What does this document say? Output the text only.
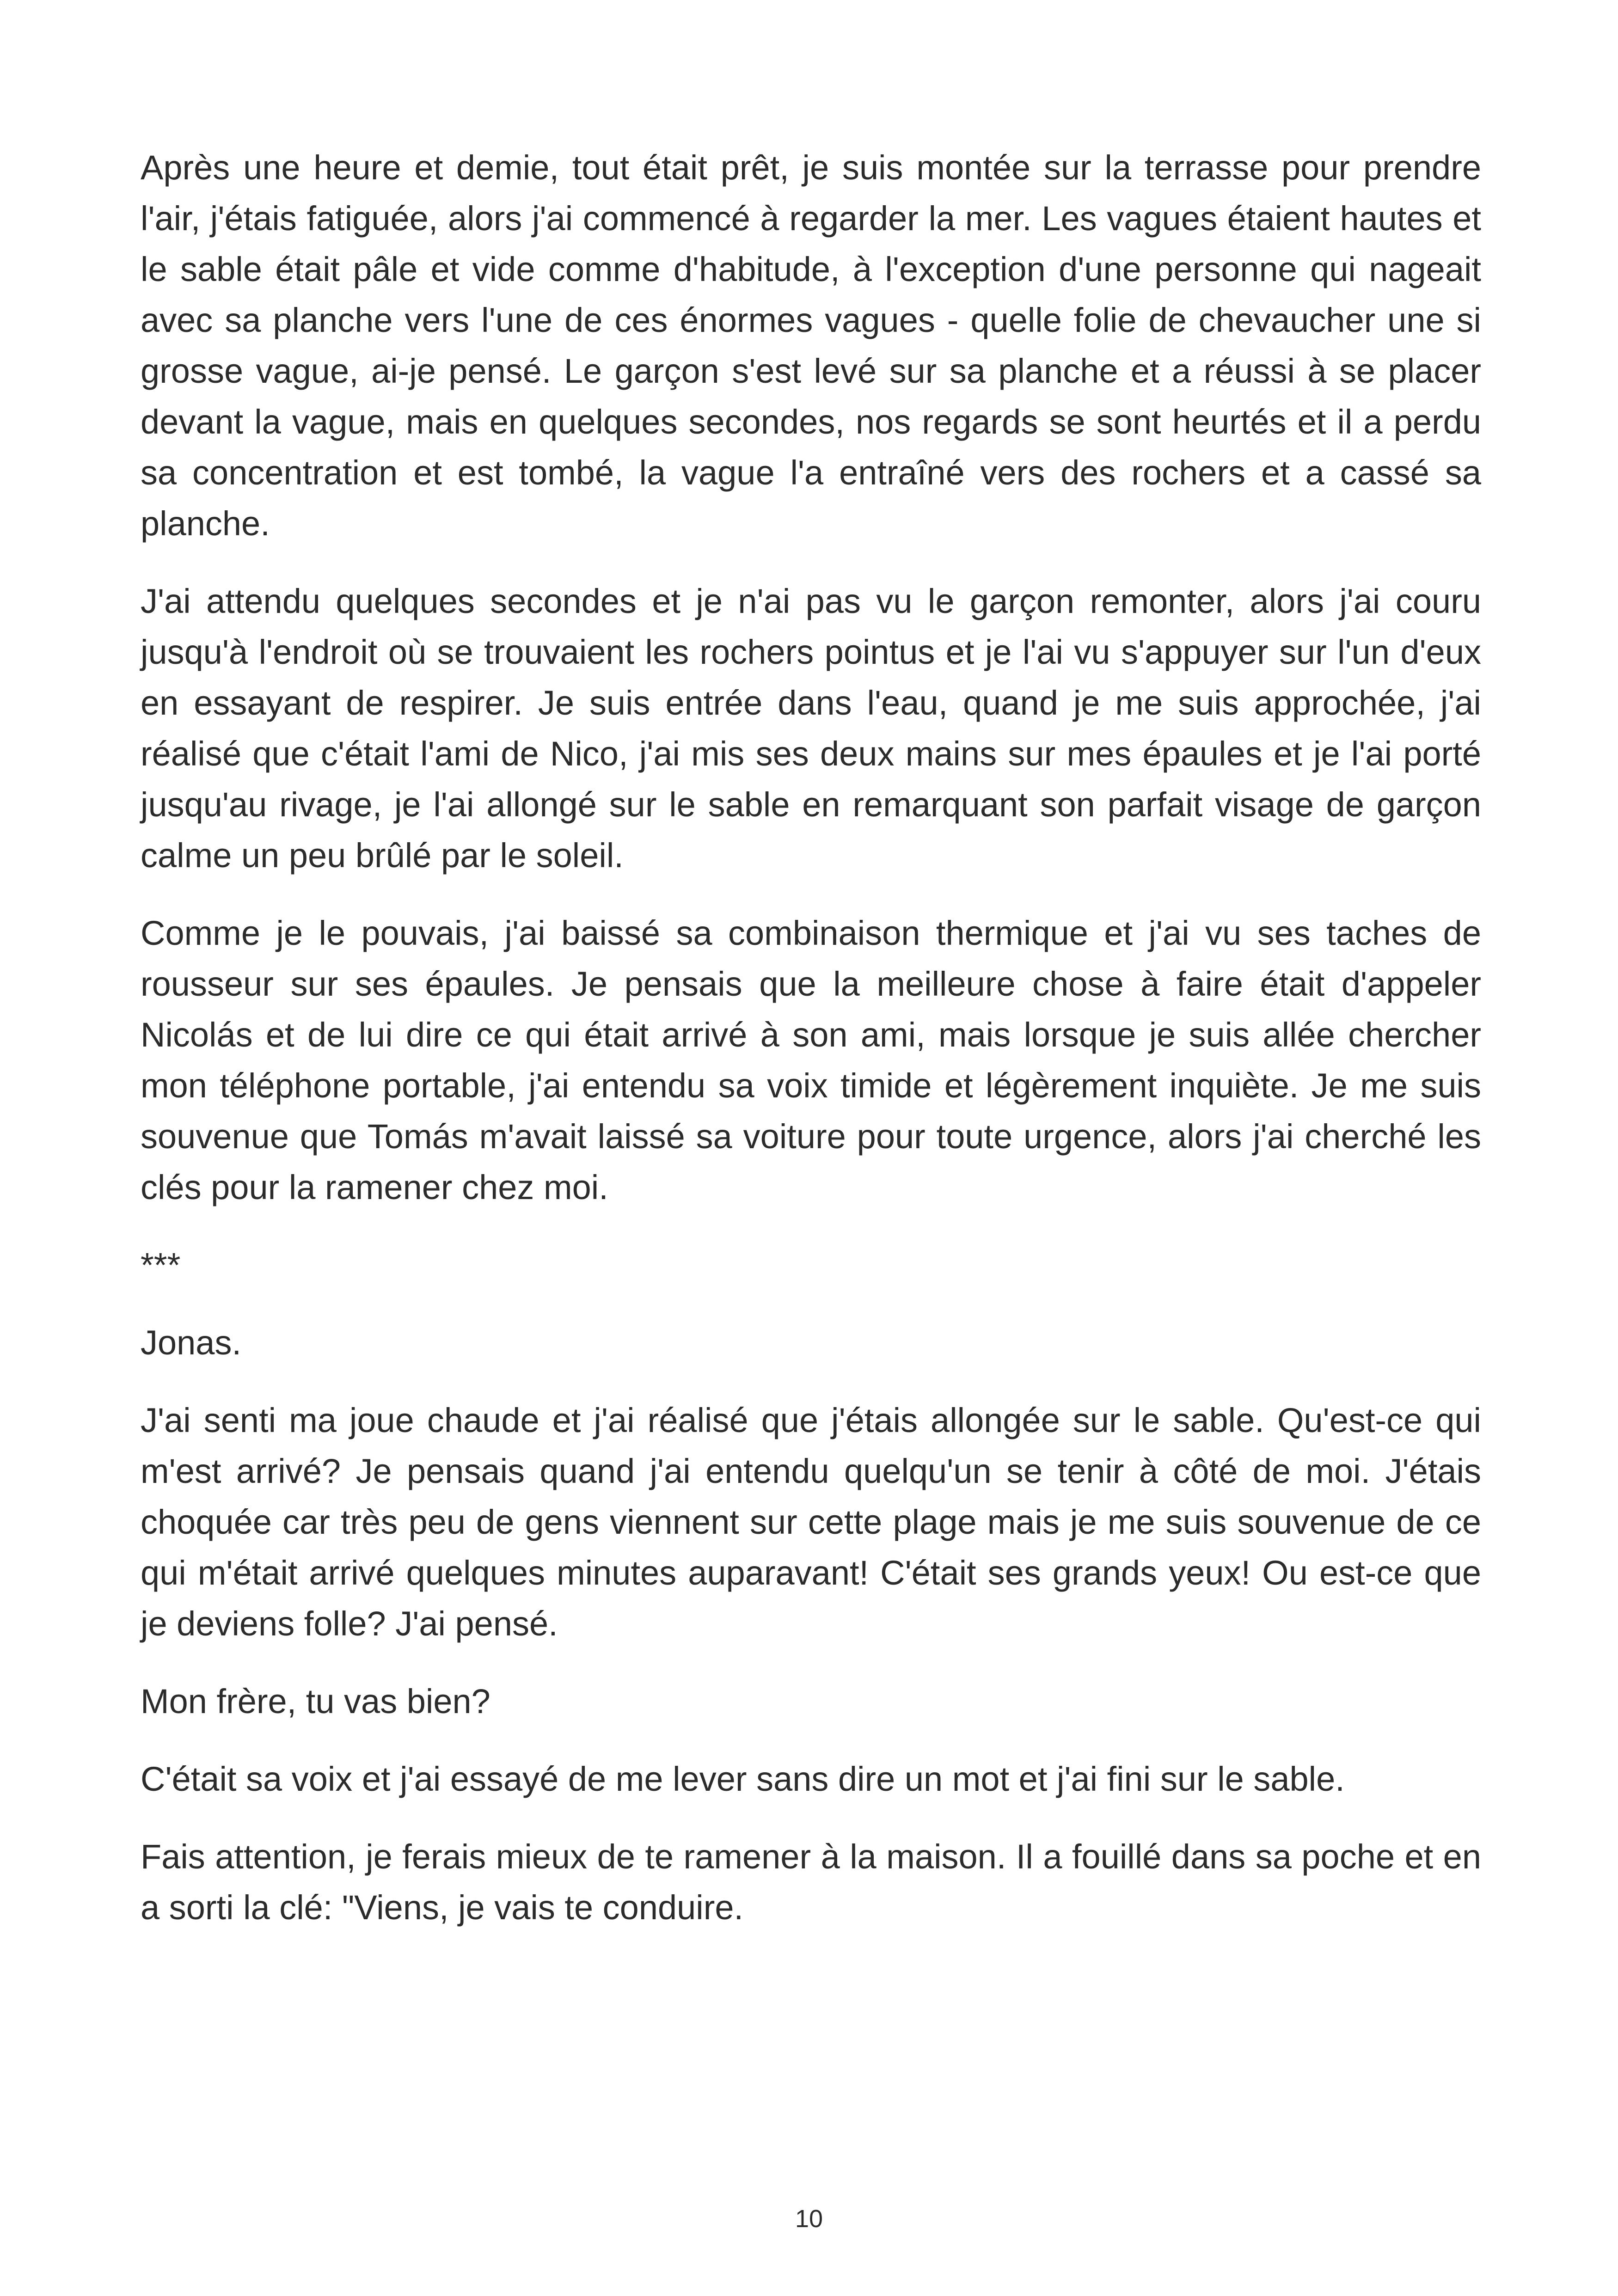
Après une heure et demie, tout était prêt, je suis montée sur la terrasse pour prendre l'air, j'étais fatiguée, alors j'ai commencé à regarder la mer. Les vagues étaient hautes et le sable était pâle et vide comme d'habitude, à l'exception d'une personne qui nageait avec sa planche vers l'une de ces énormes vagues - quelle folie de chevaucher une si grosse vague, ai-je pensé. Le garçon s'est levé sur sa planche et a réussi à se placer devant la vague, mais en quelques secondes, nos regards se sont heurtés et il a perdu sa concentration et est tombé, la vague l'a entraîné vers des rochers et a cassé sa planche.

J'ai attendu quelques secondes et je n'ai pas vu le garçon remonter, alors j'ai couru jusqu'à l'endroit où se trouvaient les rochers pointus et je l'ai vu s'appuyer sur l'un d'eux en essayant de respirer. Je suis entrée dans l'eau, quand je me suis approchée, j'ai réalisé que c'était l'ami de Nico, j'ai mis ses deux mains sur mes épaules et je l'ai porté jusqu'au rivage, je l'ai allongé sur le sable en remarquant son parfait visage de garçon calme un peu brûlé par le soleil.

Comme je le pouvais, j'ai baissé sa combinaison thermique et j'ai vu ses taches de rousseur sur ses épaules. Je pensais que la meilleure chose à faire était d'appeler Nicolás et de lui dire ce qui était arrivé à son ami, mais lorsque je suis allée chercher mon téléphone portable, j'ai entendu sa voix timide et légèrement inquiète. Je me suis souvenue que Tomás m'avait laissé sa voiture pour toute urgence, alors j'ai cherché les clés pour la ramener chez moi.

***

Jonas.

J'ai senti ma joue chaude et j'ai réalisé que j'étais allongée sur le sable. Qu'est-ce qui m'est arrivé? Je pensais quand j'ai entendu quelqu'un se tenir à côté de moi. J'étais choquée car très peu de gens viennent sur cette plage mais je me suis souvenue de ce qui m'était arrivé quelques minutes auparavant! C'était ses grands yeux! Ou est-ce que je deviens folle? J'ai pensé.

Mon frère, tu vas bien?

C'était sa voix et j'ai essayé de me lever sans dire un mot et j'ai fini sur le sable.

Fais attention, je ferais mieux de te ramener à la maison. Il a fouillé dans sa poche et en a sorti la clé: "Viens, je vais te conduire.

10
